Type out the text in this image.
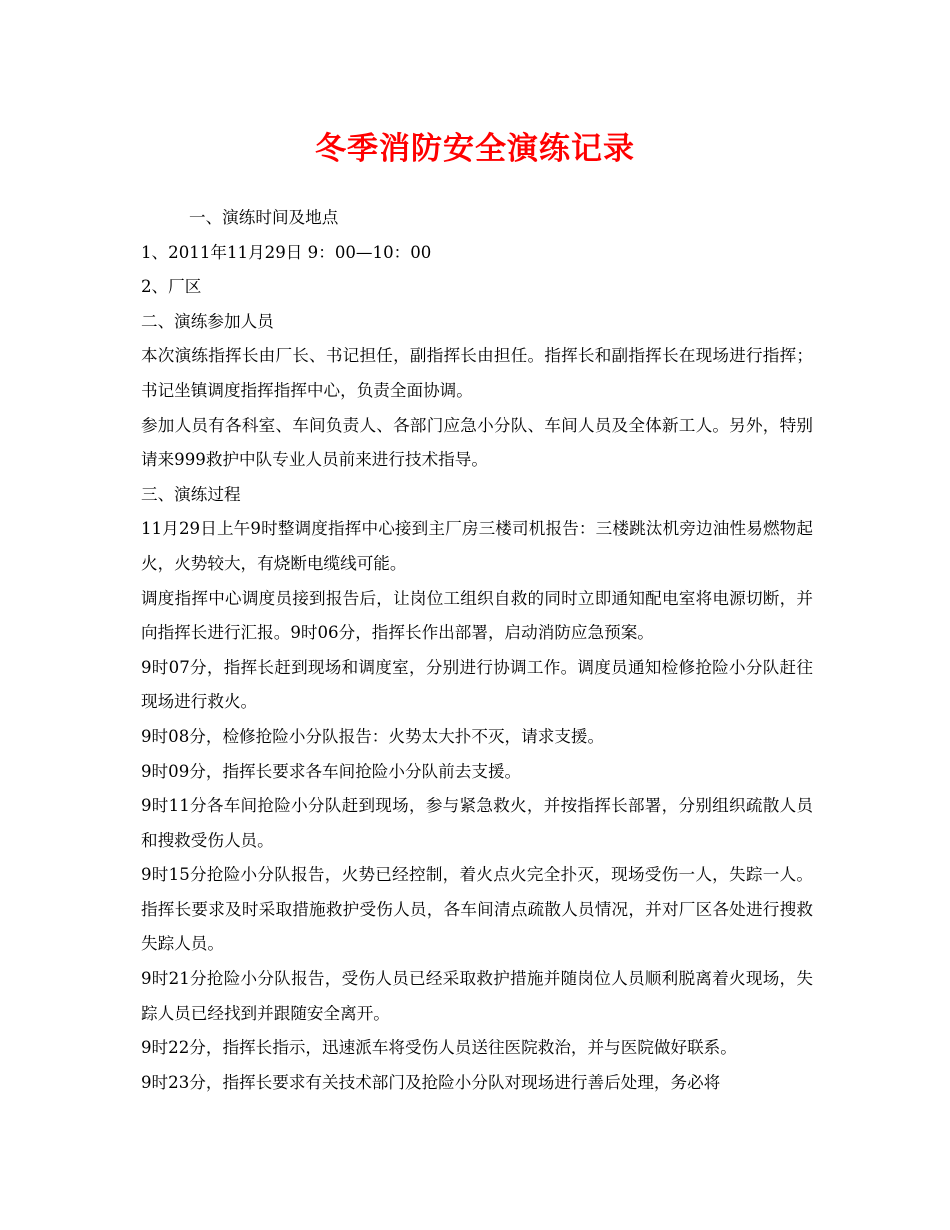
冬季消防安全演练记录

一、演练时间及地点

1、2011年11月29日 9：00—10：00

2、厂区

二、演练参加人员

本次演练指挥长由厂长、书记担任，副指挥长由担任。指挥长和副指挥长在现场进行指挥；书记坐镇调度指挥指挥中心，负责全面协调。

参加人员有各科室、车间负责人、各部门应急小分队、车间人员及全体新工人。另外，特别请来999救护中队专业人员前来进行技术指导。

三、演练过程

11月29日上午9时整调度指挥中心接到主厂房三楼司机报告：三楼跳汰机旁边油性易燃物起火，火势较大，有烧断电缆线可能。

调度指挥中心调度员接到报告后，让岗位工组织自救的同时立即通知配电室将电源切断，并向指挥长进行汇报。9时06分，指挥长作出部署，启动消防应急预案。

9时07分，指挥长赶到现场和调度室，分别进行协调工作。调度员通知检修抢险小分队赶往现场进行救火。

9时08分，检修抢险小分队报告：火势太大扑不灭，请求支援。

9时09分，指挥长要求各车间抢险小分队前去支援。

9时11分各车间抢险小分队赶到现场，参与紧急救火，并按指挥长部署，分别组织疏散人员和搜救受伤人员。

9时15分抢险小分队报告，火势已经控制，着火点火完全扑灭，现场受伤一人，失踪一人。指挥长要求及时采取措施救护受伤人员，各车间清点疏散人员情况，并对厂区各处进行搜救失踪人员。

9时21分抢险小分队报告，受伤人员已经采取救护措施并随岗位人员顺利脱离着火现场，失踪人员已经找到并跟随安全离开。

9时22分，指挥长指示，迅速派车将受伤人员送往医院救治，并与医院做好联系。

9时23分，指挥长要求有关技术部门及抢险小分队对现场进行善后处理，务必将
